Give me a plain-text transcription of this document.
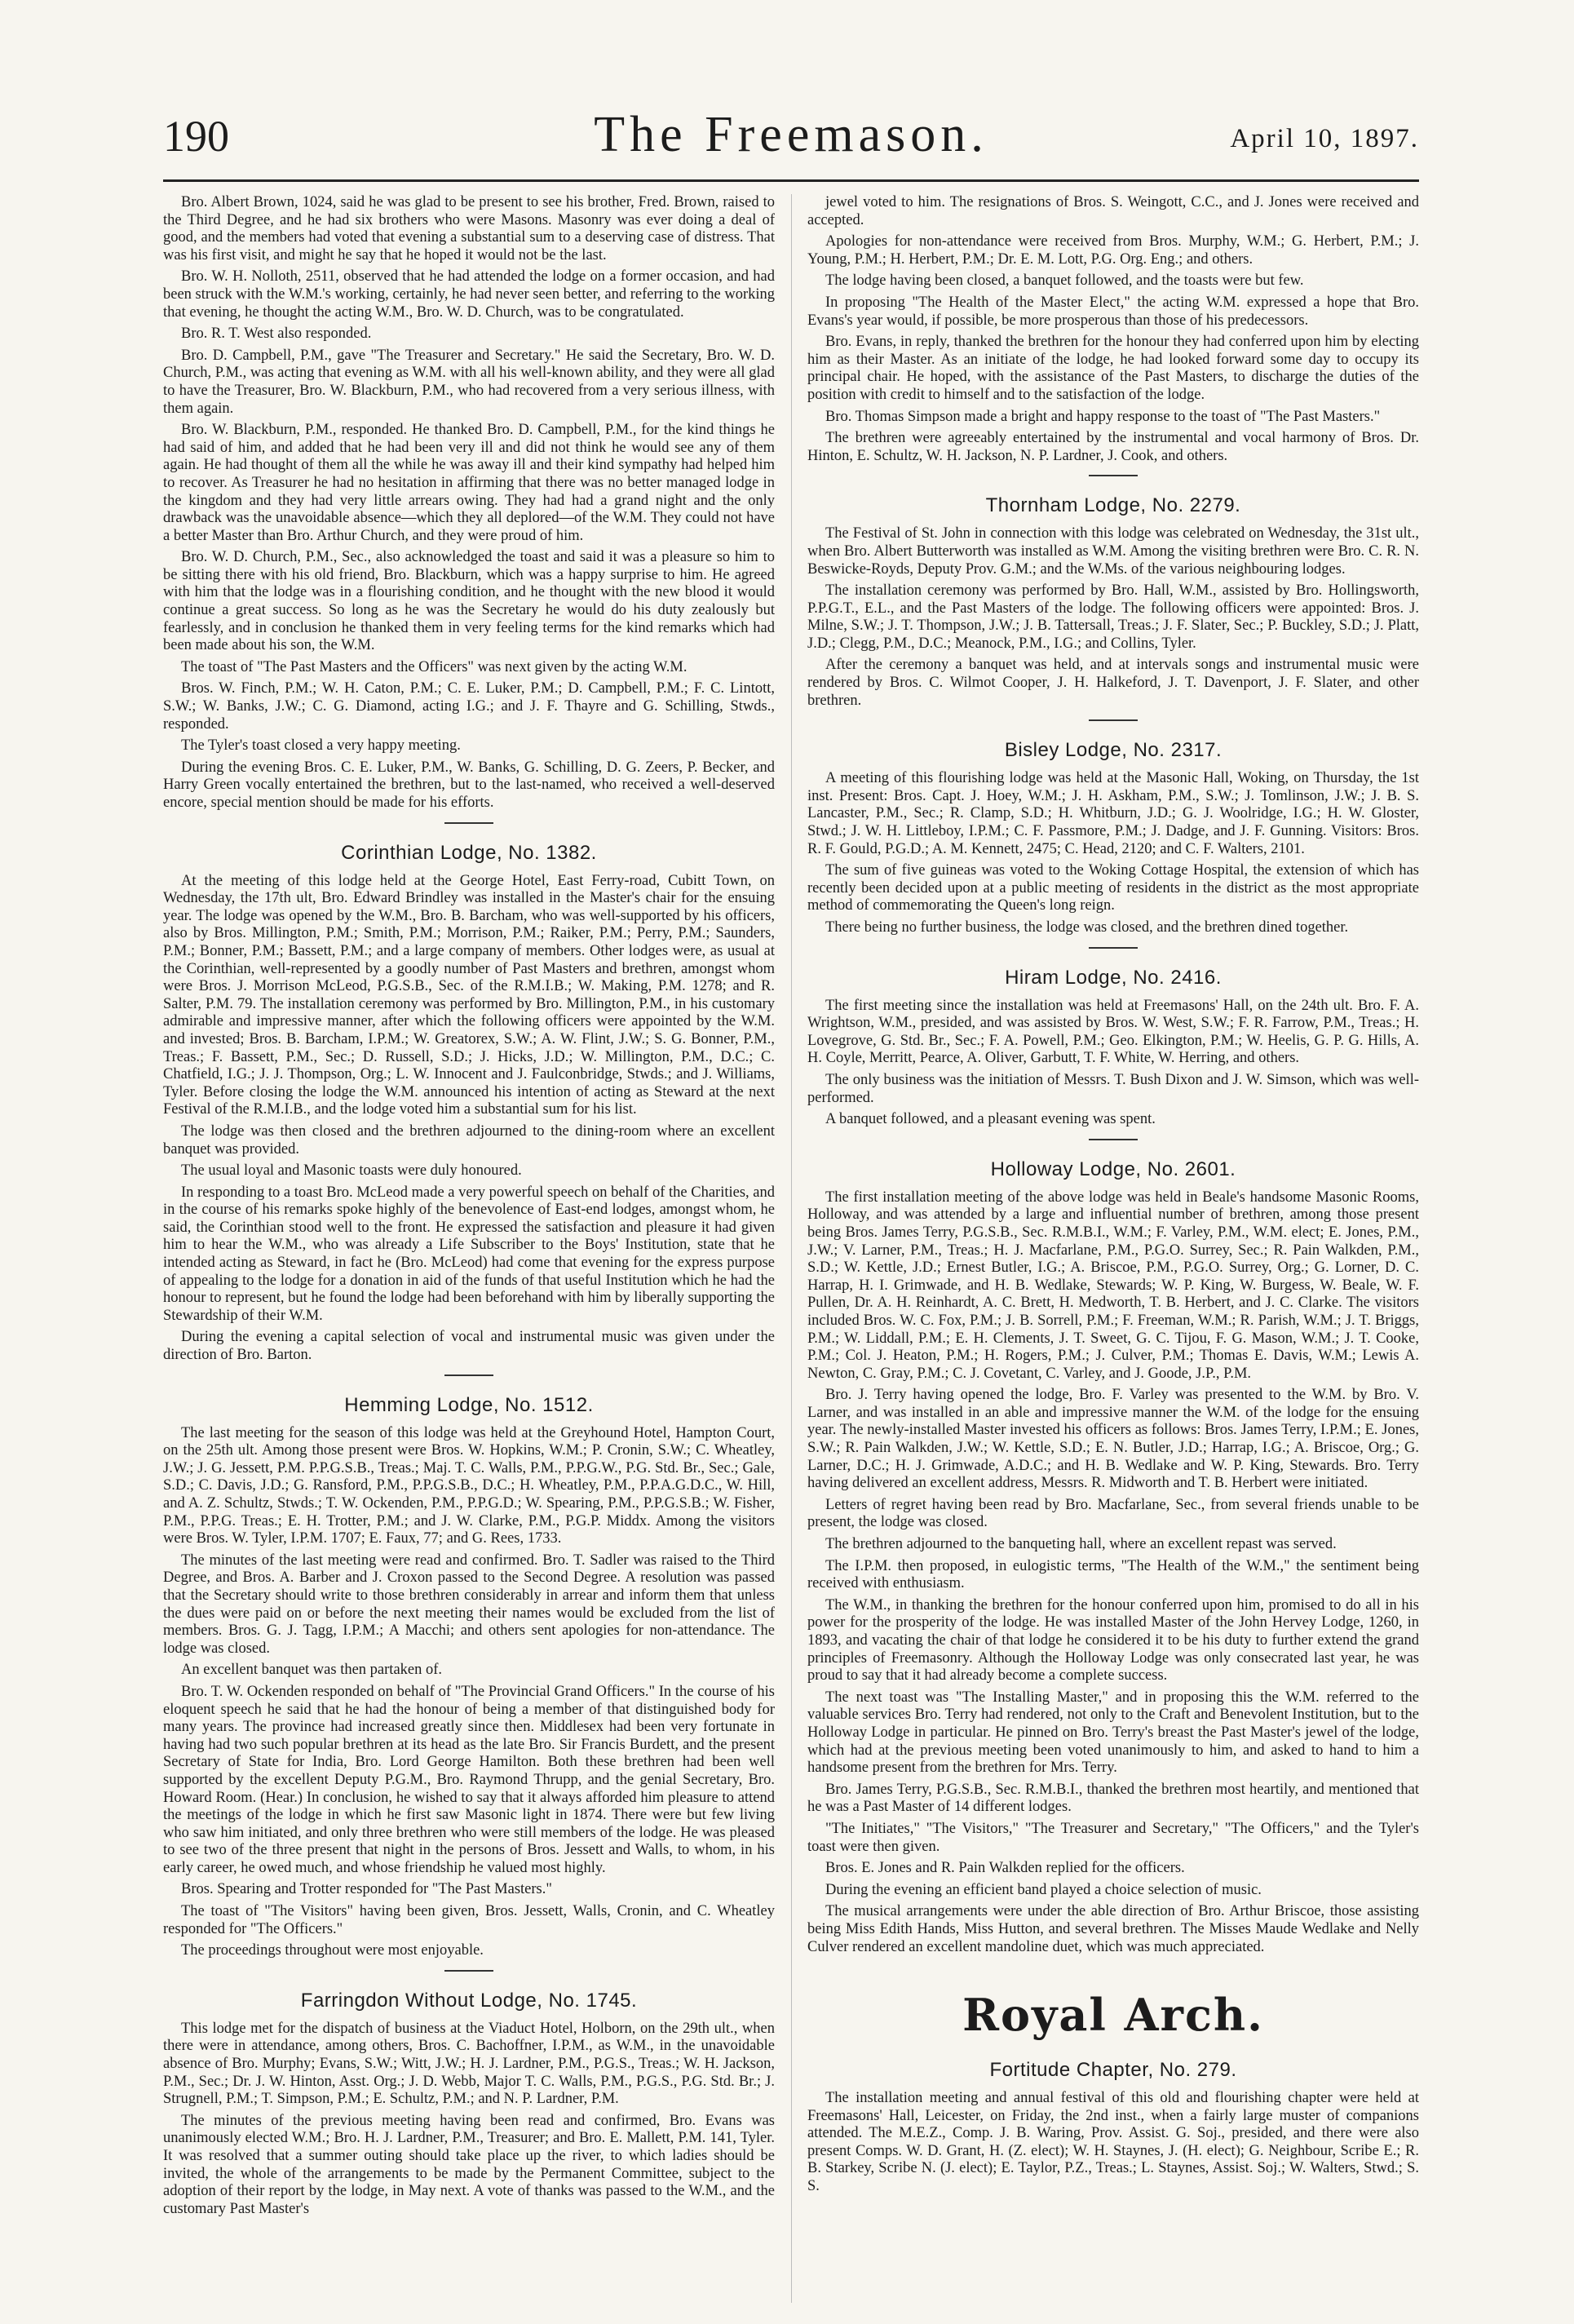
190	The Freemason.	April 10, 1897.

Bro. Albert Brown, 1024, said he was glad to be present to see his brother, Fred. Brown, raised to the Third Degree, and he had six brothers who were Masons. Masonry was ever doing a deal of good, and the members had voted that evening a substantial sum to a deserving case of distress. That was his first visit, and might he say that he hoped it would not be the last.

Bro. W. H. Nolloth, 2511, observed that he had attended the lodge on a former occasion, and had been struck with the W.M.'s working, certainly, he had never seen better, and referring to the working that evening, he thought the acting W.M., Bro. W. D. Church, was to be congratulated.

Bro. R. T. West also responded.

Bro. D. Campbell, P.M., gave "The Treasurer and Secretary." He said the Secretary, Bro. W. D. Church, P.M., was acting that evening as W.M. with all his well-known ability, and they were all glad to have the Treasurer, Bro. W. Blackburn, P.M., who had recovered from a very serious illness, with them again.

Bro. W. Blackburn, P.M., responded. He thanked Bro. D. Campbell, P.M., for the kind things he had said of him, and added that he had been very ill and did not think he would see any of them again. He had thought of them all the while he was away ill and their kind sympathy had helped him to recover. As Treasurer he had no hesitation in affirming that there was no better managed lodge in the kingdom and they had very little arrears owing. They had had a grand night and the only drawback was the unavoidable absence—which they all deplored—of the W.M. They could not have a better Master than Bro. Arthur Church, and they were proud of him.

Bro. W. D. Church, P.M., Sec., also acknowledged the toast and said it was a pleasure so him to be sitting there with his old friend, Bro. Blackburn, which was a happy surprise to him. He agreed with him that the lodge was in a flourishing condition, and he thought with the new blood it would continue a great success. So long as he was the Secretary he would do his duty zealously but fearlessly, and in conclusion he thanked them in very feeling terms for the kind remarks which had been made about his son, the W.M.

The toast of "The Past Masters and the Officers" was next given by the acting W.M.

Bros. W. Finch, P.M.; W. H. Caton, P.M.; C. E. Luker, P.M.; D. Campbell, P.M.; F. C. Lintott, S.W.; W. Banks, J.W.; C. G. Diamond, acting I.G.; and J. F. Thayre and G. Schilling, Stwds., responded.

The Tyler's toast closed a very happy meeting.

During the evening Bros. C. E. Luker, P.M., W. Banks, G. Schilling, D. G. Zeers, P. Becker, and Harry Green vocally entertained the brethren, but to the last-named, who received a well-deserved encore, special mention should be made for his efforts.

Corinthian Lodge, No. 1382.

At the meeting of this lodge held at the George Hotel, East Ferry-road, Cubitt Town, on Wednesday, the 17th ult, Bro. Edward Brindley was installed in the Master's chair for the ensuing year. The lodge was opened by the W.M., Bro. B. Barcham, who was well-supported by his officers, also by Bros. Millington, P.M.; Smith, P.M.; Morrison, P.M.; Raiker, P.M.; Perry, P.M.; Saunders, P.M.; Bonner, P.M.; Bassett, P.M.; and a large company of members. Other lodges were, as usual at the Corinthian, well-represented by a goodly number of Past Masters and brethren, amongst whom were Bros. J. Morrison McLeod, P.G.S.B., Sec. of the R.M.I.B.; W. Making, P.M. 1278; and R. Salter, P.M. 79. The installation ceremony was performed by Bro. Millington, P.M., in his customary admirable and impressive manner, after which the following officers were appointed by the W.M. and invested; Bros. B. Barcham, I.P.M.; W. Greatorex, S.W.; A. W. Flint, J.W.; S. G. Bonner, P.M., Treas.; F. Bassett, P.M., Sec.; D. Russell, S.D.; J. Hicks, J.D.; W. Millington, P.M., D.C.; C. Chatfield, I.G.; J. J. Thompson, Org.; L. W. Innocent and J. Faulconbridge, Stwds.; and J. Williams, Tyler. Before closing the lodge the W.M. announced his intention of acting as Steward at the next Festival of the R.M.I.B., and the lodge voted him a substantial sum for his list.

The lodge was then closed and the brethren adjourned to the dining-room where an excellent banquet was provided.

The usual loyal and Masonic toasts were duly honoured.

In responding to a toast Bro. McLeod made a very powerful speech on behalf of the Charities, and in the course of his remarks spoke highly of the benevolence of East-end lodges, amongst whom, he said, the Corinthian stood well to the front. He expressed the satisfaction and pleasure it had given him to hear the W.M., who was already a Life Subscriber to the Boys' Institution, state that he intended acting as Steward, in fact he (Bro. McLeod) had come that evening for the express purpose of appealing to the lodge for a donation in aid of the funds of that useful Institution which he had the honour to represent, but he found the lodge had been beforehand with him by liberally supporting the Stewardship of their W.M.

During the evening a capital selection of vocal and instrumental music was given under the direction of Bro. Barton.

Hemming Lodge, No. 1512.

The last meeting for the season of this lodge was held at the Greyhound Hotel, Hampton Court, on the 25th ult. Among those present were Bros. W. Hopkins, W.M.; P. Cronin, S.W.; C. Wheatley, J.W.; J. G. Jessett, P.M. P.P.G.S.B., Treas.; Maj. T. C. Walls, P.M., P.P.G.W., P.G. Std. Br., Sec.; Gale, S.D.; C. Davis, J.D.; G. Ransford, P.M., P.P.G.S.B., D.C.; H. Wheatley, P.M., P.P.A.G.D.C., W. Hill, and A. Z. Schultz, Stwds.; T. W. Ockenden, P.M., P.P.G.D.; W. Spearing, P.M., P.P.G.S.B.; W. Fisher, P.M., P.P.G. Treas.; E. H. Trotter, P.M.; and J. W. Clarke, P.M., P.G.P. Middx. Among the visitors were Bros. W. Tyler, I.P.M. 1707; E. Faux, 77; and G. Rees, 1733.

The minutes of the last meeting were read and confirmed. Bro. T. Sadler was raised to the Third Degree, and Bros. A. Barber and J. Croxon passed to the Second Degree. A resolution was passed that the Secretary should write to those brethren considerably in arrear and inform them that unless the dues were paid on or before the next meeting their names would be excluded from the list of members. Bros. G. J. Tagg, I.P.M.; A Macchi; and others sent apologies for non-attendance. The lodge was closed.

An excellent banquet was then partaken of.

Bro. T. W. Ockenden responded on behalf of "The Provincial Grand Officers." In the course of his eloquent speech he said that he had the honour of being a member of that distinguished body for many years. The province had increased greatly since then. Middlesex had been very fortunate in having had two such popular brethren at its head as the late Bro. Sir Francis Burdett, and the present Secretary of State for India, Bro. Lord George Hamilton. Both these brethren had been well supported by the excellent Deputy P.G.M., Bro. Raymond Thrupp, and the genial Secretary, Bro. Howard Room. (Hear.) In conclusion, he wished to say that it always afforded him pleasure to attend the meetings of the lodge in which he first saw Masonic light in 1874. There were but few living who saw him initiated, and only three brethren who were still members of the lodge. He was pleased to see two of the three present that night in the persons of Bros. Jessett and Walls, to whom, in his early career, he owed much, and whose friendship he valued most highly.

Bros. Spearing and Trotter responded for "The Past Masters."

The toast of "The Visitors" having been given, Bros. Jessett, Walls, Cronin, and C. Wheatley responded for "The Officers."

The proceedings throughout were most enjoyable.

Farringdon Without Lodge, No. 1745.

This lodge met for the dispatch of business at the Viaduct Hotel, Holborn, on the 29th ult., when there were in attendance, among others, Bros. C. Bachoffner, I.P.M., as W.M., in the unavoidable absence of Bro. Murphy; Evans, S.W.; Witt, J.W.; H. J. Lardner, P.M., P.G.S., Treas.; W. H. Jackson, P.M., Sec.; Dr. J. W. Hinton, Asst. Org.; J. D. Webb, Major T. C. Walls, P.M., P.G.S., P.G. Std. Br.; J. Strugnell, P.M.; T. Simpson, P.M.; E. Schultz, P.M.; and N. P. Lardner, P.M.

The minutes of the previous meeting having been read and confirmed, Bro. Evans was unanimously elected W.M.; Bro. H. J. Lardner, P.M., Treasurer; and Bro. E. Mallett, P.M. 141, Tyler. It was resolved that a summer outing should take place up the river, to which ladies should be invited, the whole of the arrangements to be made by the Permanent Committee, subject to the adoption of their report by the lodge, in May next. A vote of thanks was passed to the W.M., and the customary Past Master's

jewel voted to him. The resignations of Bros. S. Weingott, C.C., and J. Jones were received and accepted.

Apologies for non-attendance were received from Bros. Murphy, W.M.; G. Herbert, P.M.; J. Young, P.M.; H. Herbert, P.M.; Dr. E. M. Lott, P.G. Org. Eng.; and others.

The lodge having been closed, a banquet followed, and the toasts were but few.

In proposing "The Health of the Master Elect," the acting W.M. expressed a hope that Bro. Evans's year would, if possible, be more prosperous than those of his predecessors.

Bro. Evans, in reply, thanked the brethren for the honour they had conferred upon him by electing him as their Master. As an initiate of the lodge, he had looked forward some day to occupy its principal chair. He hoped, with the assistance of the Past Masters, to discharge the duties of the position with credit to himself and to the satisfaction of the lodge.

Bro. Thomas Simpson made a bright and happy response to the toast of "The Past Masters."

The brethren were agreeably entertained by the instrumental and vocal harmony of Bros. Dr. Hinton, E. Schultz, W. H. Jackson, N. P. Lardner, J. Cook, and others.

Thornham Lodge, No. 2279.

The Festival of St. John in connection with this lodge was celebrated on Wednesday, the 31st ult., when Bro. Albert Butterworth was installed as W.M. Among the visiting brethren were Bro. C. R. N. Beswicke-Royds, Deputy Prov. G.M.; and the W.Ms. of the various neighbouring lodges.

The installation ceremony was performed by Bro. Hall, W.M., assisted by Bro. Hollingsworth, P.P.G.T., E.L., and the Past Masters of the lodge. The following officers were appointed: Bros. J. Milne, S.W.; J. T. Thompson, J.W.; J. B. Tattersall, Treas.; J. F. Slater, Sec.; P. Buckley, S.D.; J. Platt, J.D.; Clegg, P.M., D.C.; Meanock, P.M., I.G.; and Collins, Tyler.

After the ceremony a banquet was held, and at intervals songs and instrumental music were rendered by Bros. C. Wilmot Cooper, J. H. Halkeford, J. T. Davenport, J. F. Slater, and other brethren.

Bisley Lodge, No. 2317.

A meeting of this flourishing lodge was held at the Masonic Hall, Woking, on Thursday, the 1st inst. Present: Bros. Capt. J. Hoey, W.M.; J. H. Askham, P.M., S.W.; J. Tomlinson, J.W.; J. B. S. Lancaster, P.M., Sec.; R. Clamp, S.D.; H. Whitburn, J.D.; G. J. Woolridge, I.G.; H. W. Gloster, Stwd.; J. W. H. Littleboy, I.P.M.; C. F. Passmore, P.M.; J. Dadge, and J. F. Gunning. Visitors: Bros. R. F. Gould, P.G.D.; A. M. Kennett, 2475; C. Head, 2120; and C. F. Walters, 2101.

The sum of five guineas was voted to the Woking Cottage Hospital, the extension of which has recently been decided upon at a public meeting of residents in the district as the most appropriate method of commemorating the Queen's long reign.

There being no further business, the lodge was closed, and the brethren dined together.

Hiram Lodge, No. 2416.

The first meeting since the installation was held at Freemasons' Hall, on the 24th ult. Bro. F. A. Wrightson, W.M., presided, and was assisted by Bros. W. West, S.W.; F. R. Farrow, P.M., Treas.; H. Lovegrove, G. Std. Br., Sec.; F. A. Powell, P.M.; Geo. Elkington, P.M.; W. Heelis, G. P. G. Hills, A. H. Coyle, Merritt, Pearce, A. Oliver, Garbutt, T. F. White, W. Herring, and others.

The only business was the initiation of Messrs. T. Bush Dixon and J. W. Simson, which was well-performed.

A banquet followed, and a pleasant evening was spent.

Holloway Lodge, No. 2601.

The first installation meeting of the above lodge was held in Beale's handsome Masonic Rooms, Holloway, and was attended by a large and influential number of brethren, among those present being Bros. James Terry, P.G.S.B., Sec. R.M.B.I., W.M.; F. Varley, P.M., W.M. elect; E. Jones, P.M., J.W.; V. Larner, P.M., Treas.; H. J. Macfarlane, P.M., P.G.O. Surrey, Sec.; R. Pain Walkden, P.M., S.D.; W. Kettle, J.D.; Ernest Butler, I.G.; A. Briscoe, P.M., P.G.O. Surrey, Org.; G. Lorner, D. C. Harrap, H. I. Grimwade, and H. B. Wedlake, Stewards; W. P. King, W. Burgess, W. Beale, W. F. Pullen, Dr. A. H. Reinhardt, A. C. Brett, H. Medworth, T. B. Herbert, and J. C. Clarke. The visitors included Bros. W. C. Fox, P.M.; J. B. Sorrell, P.M.; F. Freeman, W.M.; R. Parish, W.M.; J. T. Briggs, P.M.; W. Liddall, P.M.; E. H. Clements, J. T. Sweet, G. C. Tijou, F. G. Mason, W.M.; J. T. Cooke, P.M.; Col. J. Heaton, P.M.; H. Rogers, P.M.; J. Culver, P.M.; Thomas E. Davis, W.M.; Lewis A. Newton, C. Gray, P.M.; C. J. Covetant, C. Varley, and J. Goode, J.P., P.M.

Bro. J. Terry having opened the lodge, Bro. F. Varley was presented to the W.M. by Bro. V. Larner, and was installed in an able and impressive manner the W.M. of the lodge for the ensuing year. The newly-installed Master invested his officers as follows: Bros. James Terry, I.P.M.; E. Jones, S.W.; R. Pain Walkden, J.W.; W. Kettle, S.D.; E. N. Butler, J.D.; Harrap, I.G.; A. Briscoe, Org.; G. Larner, D.C.; H. J. Grimwade, A.D.C.; and H. B. Wedlake and W. P. King, Stewards. Bro. Terry having delivered an excellent address, Messrs. R. Midworth and T. B. Herbert were initiated.

Letters of regret having been read by Bro. Macfarlane, Sec., from several friends unable to be present, the lodge was closed.

The brethren adjourned to the banqueting hall, where an excellent repast was served.

The I.P.M. then proposed, in eulogistic terms, "The Health of the W.M.," the sentiment being received with enthusiasm.

The W.M., in thanking the brethren for the honour conferred upon him, promised to do all in his power for the prosperity of the lodge. He was installed Master of the John Hervey Lodge, 1260, in 1893, and vacating the chair of that lodge he considered it to be his duty to further extend the grand principles of Freemasonry. Although the Holloway Lodge was only consecrated last year, he was proud to say that it had already become a complete success.

The next toast was "The Installing Master," and in proposing this the W.M. referred to the valuable services Bro. Terry had rendered, not only to the Craft and Benevolent Institution, but to the Holloway Lodge in particular. He pinned on Bro. Terry's breast the Past Master's jewel of the lodge, which had at the previous meeting been voted unanimously to him, and asked to hand to him a handsome present from the brethren for Mrs. Terry.

Bro. James Terry, P.G.S.B., Sec. R.M.B.I., thanked the brethren most heartily, and mentioned that he was a Past Master of 14 different lodges.

"The Initiates," "The Visitors," "The Treasurer and Secretary," "The Officers," and the Tyler's toast were then given.

Bros. E. Jones and R. Pain Walkden replied for the officers.

During the evening an efficient band played a choice selection of music.

The musical arrangements were under the able direction of Bro. Arthur Briscoe, those assisting being Miss Edith Hands, Miss Hutton, and several brethren. The Misses Maude Wedlake and Nelly Culver rendered an excellent mandoline duet, which was much appreciated.

Royal Arch.
Fortitude Chapter, No. 279.

The installation meeting and annual festival of this old and flourishing chapter were held at Freemasons' Hall, Leicester, on Friday, the 2nd inst., when a fairly large muster of companions attended. The M.E.Z., Comp. J. B. Waring, Prov. Assist. G. Soj., presided, and there were also present Comps. W. D. Grant, H. (Z. elect); W. H. Staynes, J. (H. elect); G. Neighbour, Scribe E.; R. B. Starkey, Scribe N. (J. elect); E. Taylor, P.Z., Treas.; L. Staynes, Assist. Soj.; W. Walters, Stwd.; S. S.
